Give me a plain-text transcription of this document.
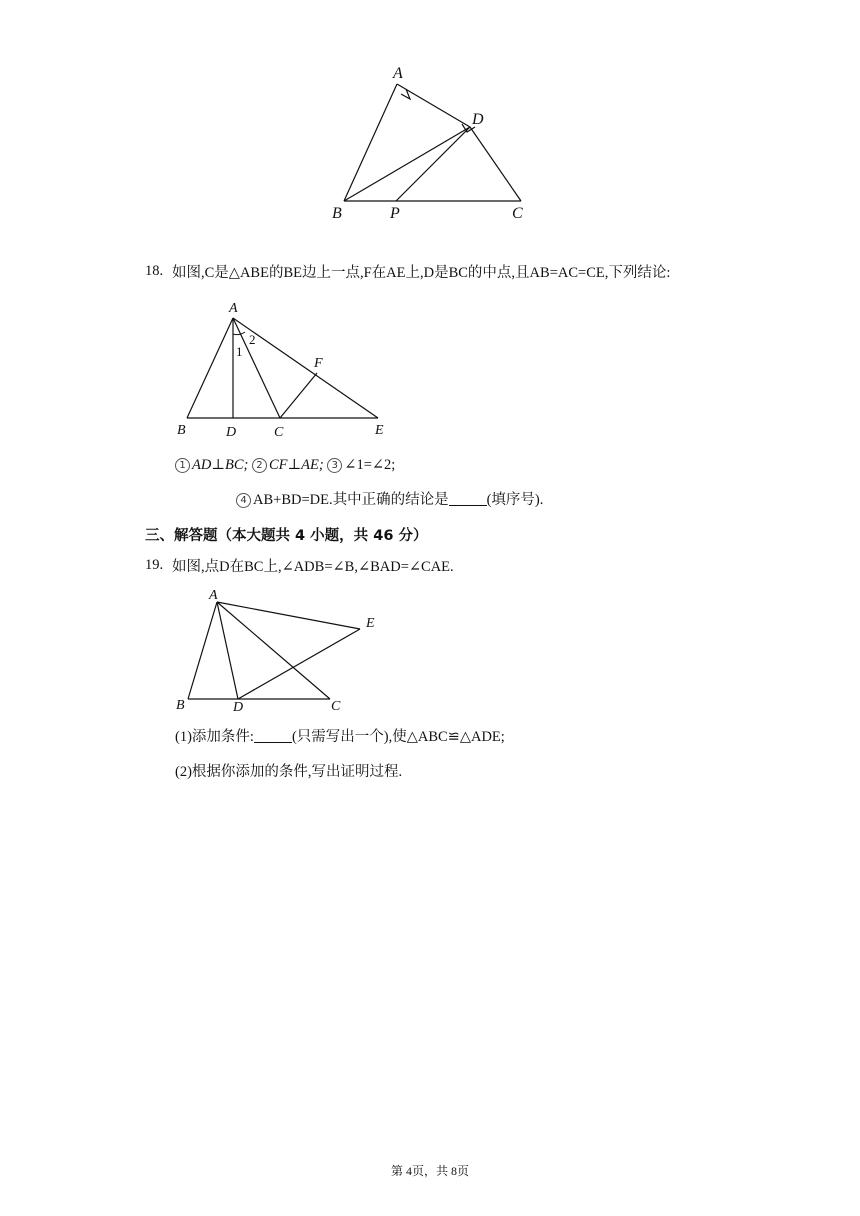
A
D
B	P	C
18. 如图,C是△ABE的BE边上一点,F在AE上,D是BC的中点,且AB=AC=CE,下列结论:
A
1
2
F
B	D	C	E
1 AD⊥BC; 2 CF⊥AE; 3 ∠1=∠2;
4 AB+BD=DE.其中正确的结论是	(填序号).
三、解答题（本大题共 4 小题，共 46 分）
19. 如图,点D在BC上,∠ADB=∠B,∠BAD=∠CAE.
A
E
B	D	C
(1)添加条件:	(只需写出一个),使△ABC≌△ADE;
(2)根据你添加的条件,写出证明过程.
第 4页，共 8页
